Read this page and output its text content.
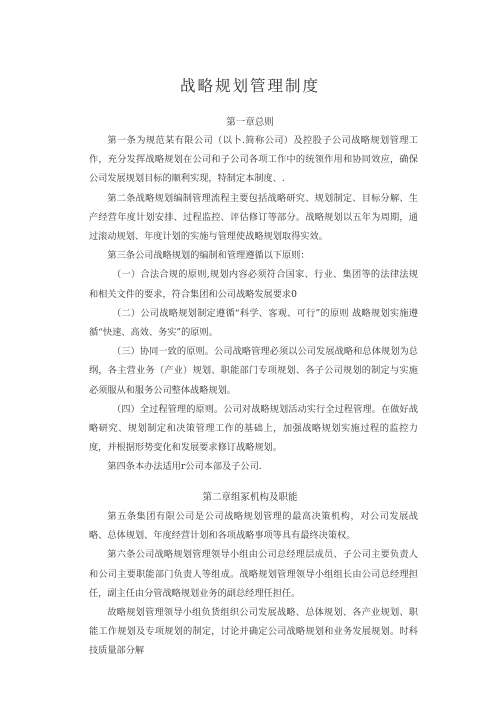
战略规划管理制度
第一章总则

第一条为规范某有限公司（以卜.简称公司）及控股子公司战略规划管理工作，充分发挥战略规划在公司和子公司各项工作中的统领作用和协同效应，确保公司发展规划目标的顺利实现，特制定本制度、.

第二条战略规划编制管理流程主要包括战略研究、规划制定、目标分解、生产经营年度计划安排、过程监控、评估修订等部分。战略规划以五年为周期，通过滚动规划、年度计划的实施与管理使战略规划取得实效。

第三条公司战略规划的编制和管理遵循以下原则：

（一）合法合规的原则,规划内容必须符合国家、行业、集团等的法律法规和相关文件的要求，符合集团和公司战略发展要求0

（二）公司战略规划制定遵循“科学、客观、可行”的原则 战略规划实施遵循“快速、高效、务实”的原则。

（三）协同一致的原则。公司战略管理必须以公司发展战略和总体规划为总纲，各主营业务（产业）规划、职能部门专项规划、各子公司规划的制定与实施必须服从和服务公司整体战略规划。

（四）全过程管理的原则。公司对战略规划活动实行全过程管理。在做好战略研究、规划制定和决策管理工作的基础上，加强战略规划实施过程的监控力度，并根据形势变化和发展要求修订战略规划。

第四条本办法适用r公司本部及子公司.

第二章组冢机构及职能

第五条集团有限公司是公司战略规划管理的最高决策机构，对公司发展战略、总体规划、年度经营计划和各项战略事项等具有最终决策权。

第六条公司战略规划管理领导小组由公司总经理层成员、子公司主要负责人和公司主要职能部门负责人等组成。战略规划管理领导小组组长由公司总经理担任，副主任由分管战略规划业务的副总经理任担任。

故略规划管理领导小组负货组织公司发展战略、总体规划、各产业规划、职能工作规划及专项规划的制定，讨论并确定公司战略规划和业务发展规划。时科技质量部分解
